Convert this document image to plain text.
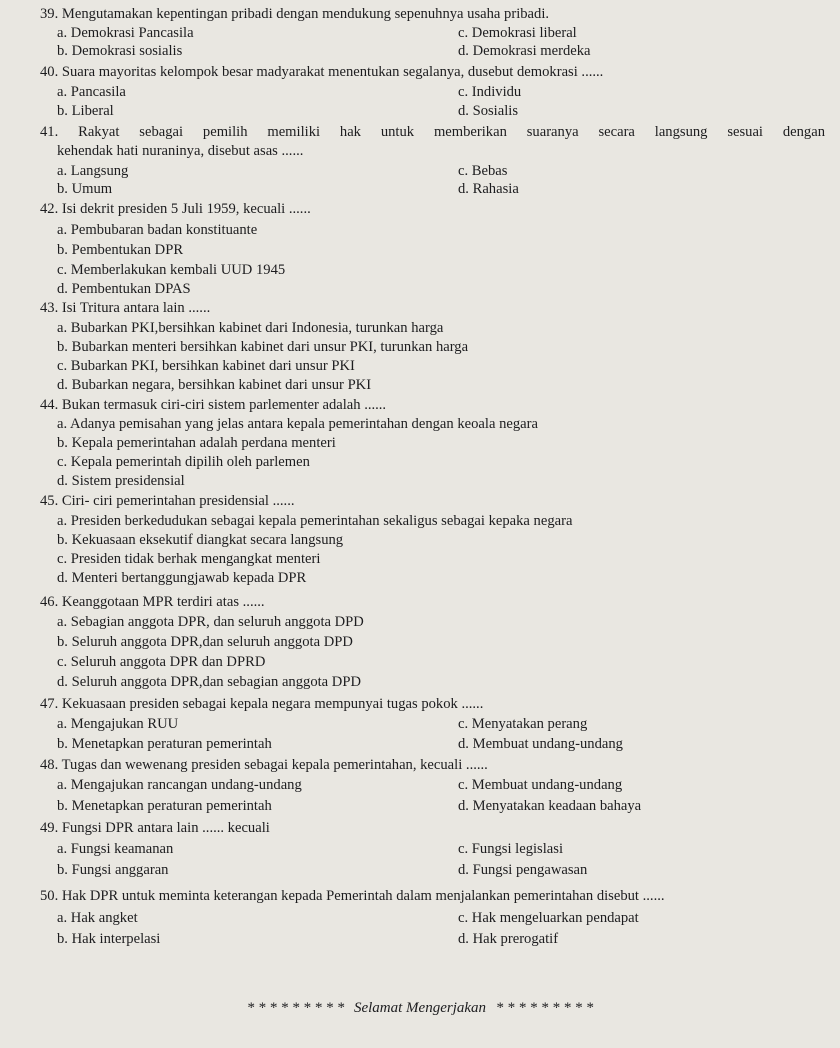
39. Mengutamakan kepentingan pribadi dengan mendukung sepenuhnya usaha pribadi.
a. Demokrasi Pancasila	c. Demokrasi liberal
b. Demokrasi sosialis	d. Demokrasi merdeka
40. Suara mayoritas kelompok besar madyarakat menentukan segalanya, dusebut demokrasi ......
a. Pancasila	c. Individu
b. Liberal	d. Sosialis
41. Rakyat sebagai pemilih memiliki hak untuk memberikan suaranya secara langsung sesuai dengan
kehendak hati nuraninya, disebut asas ......
a. Langsung	c. Bebas
b. Umum	d. Rahasia
42. Isi dekrit presiden 5 Juli 1959, kecuali ......
a. Pembubaran badan konstituante
b. Pembentukan DPR
c. Memberlakukan kembali UUD 1945
d. Pembentukan DPAS
43. Isi Tritura antara lain ......
a. Bubarkan PKI,bersihkan kabinet dari Indonesia, turunkan harga
b. Bubarkan menteri bersihkan kabinet dari unsur PKI, turunkan harga
c. Bubarkan PKI, bersihkan kabinet dari unsur PKI
d. Bubarkan negara, bersihkan kabinet dari unsur PKI
44. Bukan termasuk ciri-ciri sistem parlementer adalah ......
a. Adanya pemisahan yang jelas antara kepala pemerintahan dengan keoala negara
b. Kepala pemerintahan adalah perdana menteri
c. Kepala pemerintah dipilih oleh parlemen
d. Sistem presidensial
45. Ciri- ciri pemerintahan presidensial ......
a. Presiden berkedudukan sebagai kepala pemerintahan sekaligus sebagai kepaka negara
b. Kekuasaan eksekutif diangkat secara langsung
c. Presiden tidak berhak mengangkat menteri
d. Menteri bertanggungjawab kepada DPR
46. Keanggotaan MPR terdiri atas ......
a. Sebagian anggota DPR, dan seluruh anggota DPD
b. Seluruh anggota DPR,dan seluruh anggota DPD
c. Seluruh anggota DPR dan DPRD
d. Seluruh anggota DPR,dan sebagian anggota DPD
47. Kekuasaan presiden sebagai kepala negara mempunyai tugas pokok ......
a. Mengajukan RUU	c. Menyatakan perang
b. Menetapkan peraturan pemerintah	d. Membuat undang-undang
48. Tugas dan wewenang presiden sebagai kepala pemerintahan, kecuali ......
a. Mengajukan rancangan undang-undang	c. Membuat undang-undang
b. Menetapkan peraturan pemerintah	d. Menyatakan keadaan bahaya
49. Fungsi DPR antara lain ...... kecuali
a. Fungsi keamanan	c. Fungsi legislasi
b. Fungsi anggaran	d. Fungsi pengawasan
50. Hak DPR untuk meminta keterangan kepada Pemerintah dalam menjalankan pemerintahan disebut ......
a. Hak angket	c. Hak mengeluarkan pendapat
b. Hak interpelasi	d. Hak prerogatif
* * * * * * * * * Selamat Mengerjakan * * * * * * * * *
